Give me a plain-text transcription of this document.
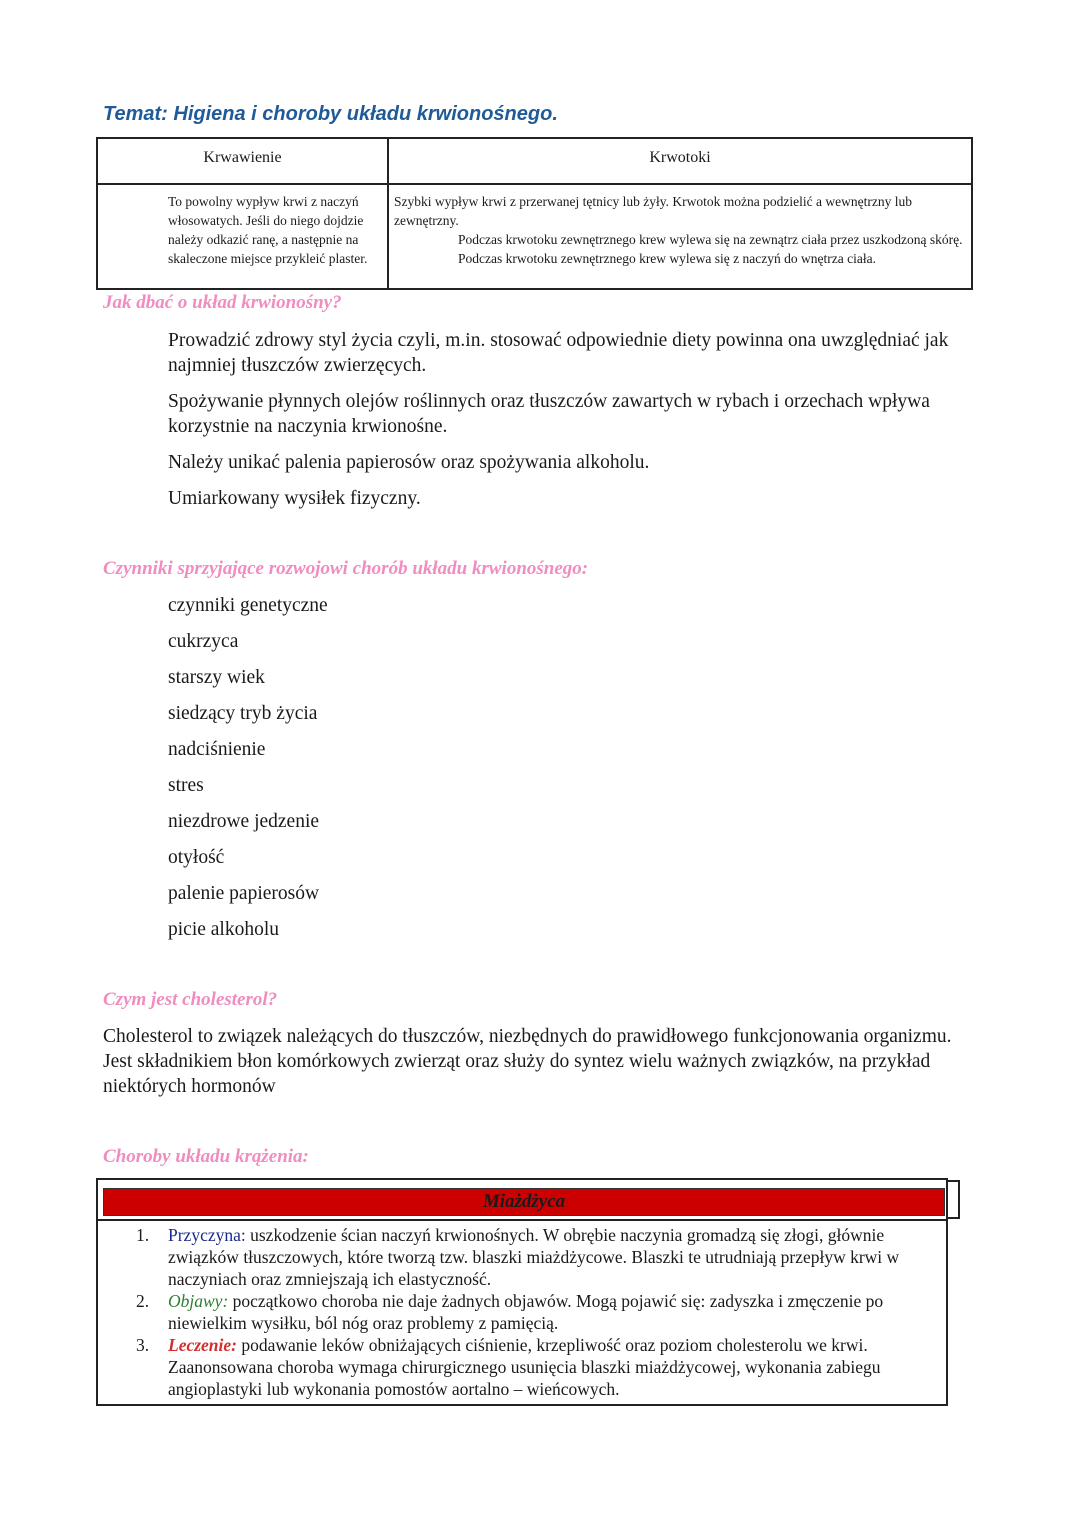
Temat: Higiena i choroby układu krwionośnego.
Krwawienie	Krwotoki
To powolny wypływ krwi z naczyń włosowatych. Jeśli do niego dojdzie należy odkazić ranę, a następnie na skaleczone miejsce przykleić plaster.
Szybki wypływ krwi z przerwanej tętnicy lub żyły. Krwotok można podzielić a wewnętrzny lub zewnętrzny.
Podczas krwotoku zewnętrznego krew wylewa się na zewnątrz ciała przez uszkodzoną skórę.
Podczas krwotoku zewnętrznego krew wylewa się z naczyń do wnętrza ciała.
Jak dbać o układ krwionośny?
Prowadzić zdrowy styl życia czyli, m.in. stosować odpowiednie diety powinna ona uwzględniać jak najmniej tłuszczów zwierzęcych.
Spożywanie płynnych olejów roślinnych oraz tłuszczów zawartych w rybach i orzechach wpływa korzystnie na naczynia krwionośne.
Należy unikać palenia papierosów oraz spożywania alkoholu.
Umiarkowany wysiłek fizyczny.
Czynniki sprzyjające rozwojowi chorób układu krwionośnego:
czynniki genetyczne
cukrzyca
starszy wiek
siedzący tryb życia
nadciśnienie
stres
niezdrowe jedzenie
otyłość
palenie papierosów
picie alkoholu
Czym jest cholesterol?
Cholesterol to związek należących do tłuszczów, niezbędnych do prawidłowego funkcjonowania organizmu. Jest składnikiem błon komórkowych zwierząt oraz służy do syntez wielu ważnych związków, na przykład niektórych hormonów
Choroby układu krążenia:
Miażdżyca
1. Przyczyna: uszkodzenie ścian naczyń krwionośnych. W obrębie naczynia gromadzą się złogi, głównie związków tłuszczowych, które tworzą tzw. blaszki miażdżycowe. Blaszki te utrudniają przepływ krwi w naczyniach oraz zmniejszają ich elastyczność.
2. Objawy: początkowo choroba nie daje żadnych objawów. Mogą pojawić się: zadyszka i zmęczenie po niewielkim wysiłku, ból nóg oraz problemy z pamięcią.
3. Leczenie: podawanie leków obniżających ciśnienie, krzepliwość oraz poziom cholesterolu we krwi. Zaanonsowana choroba wymaga chirurgicznego usunięcia blaszki miażdżycowej, wykonania zabiegu angioplastyki lub wykonania pomostów aortalno – wieńcowych.
